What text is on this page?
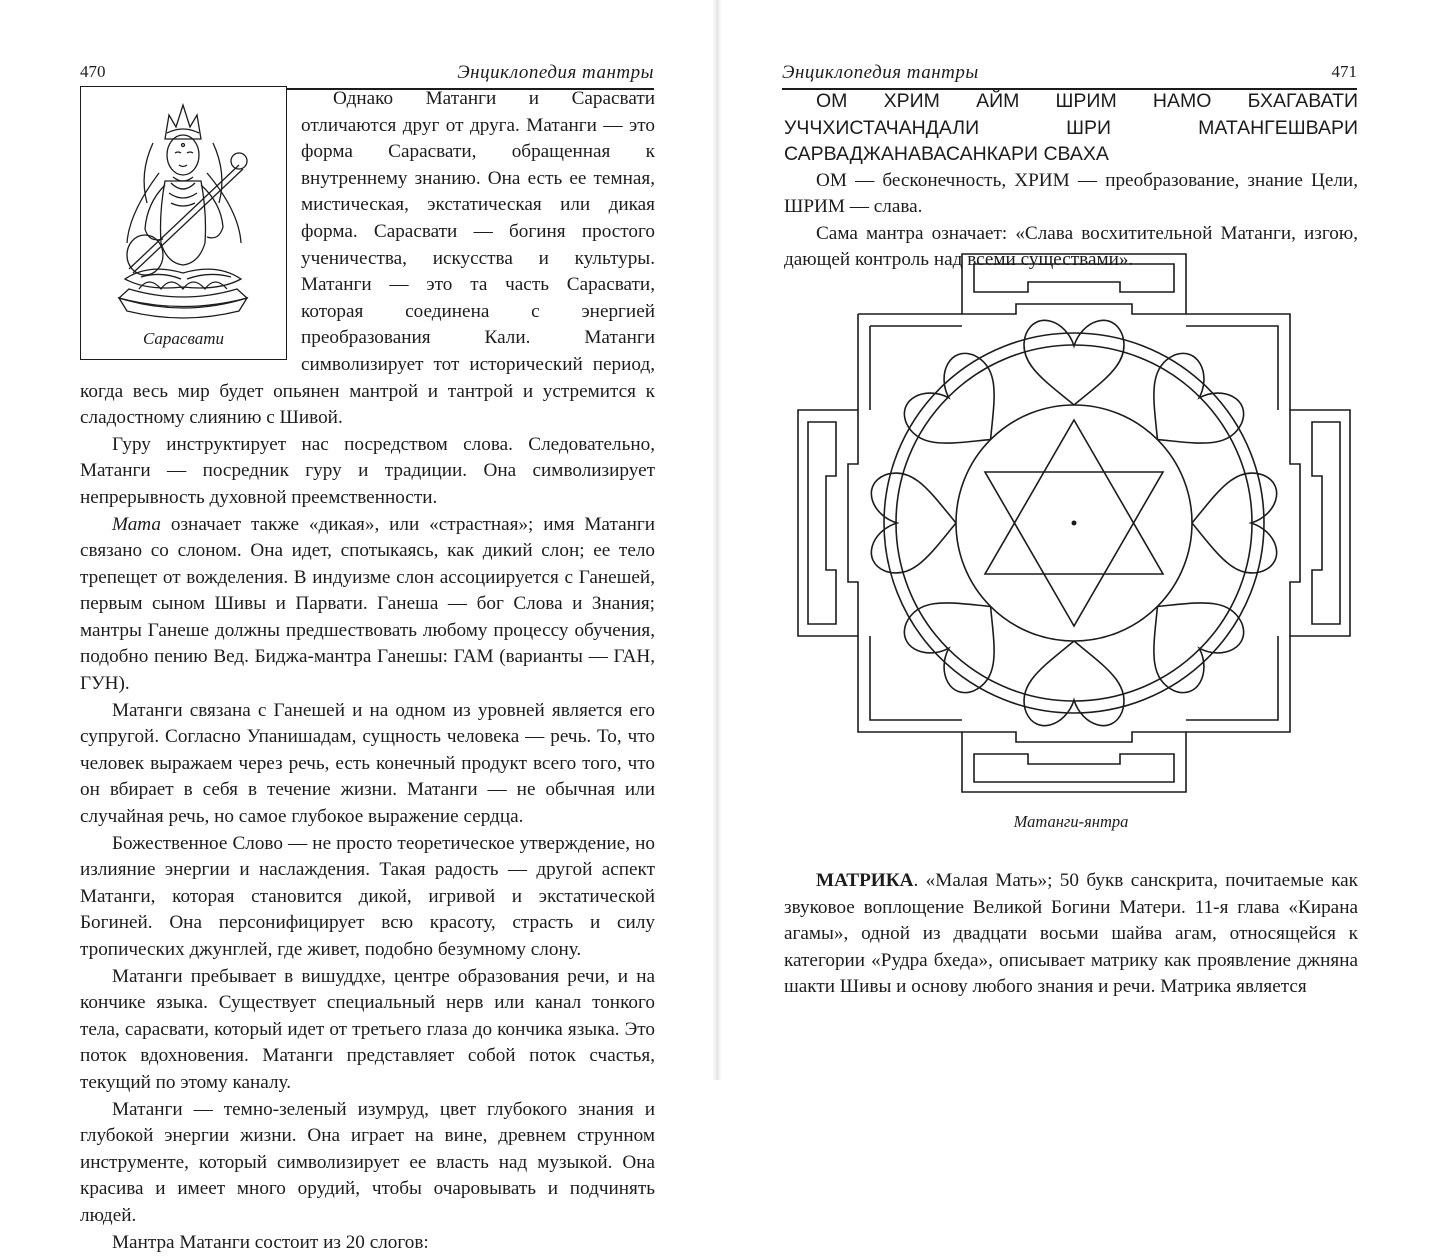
470	Энциклопедия тантры
Сарасвати

Однако Матанги и Сарасвати отличаются друг от друга. Матанги — это форма Сарасвати, обращенная к внутреннему знанию. Она есть ее темная, мистическая, экстатическая или дикая форма. Сарасвати — богиня простого ученичества, искусства и культуры. Матанги — это та часть Сарасвати, которая соединена с энергией преобразования Кали. Матанги символизирует тот исторический период, когда весь мир будет опьянен мантрой и тантрой и устремится к сладостному слиянию с Шивой.

Гуру инструктирует нас посредством слова. Следовательно, Матанги — посредник гуру и традиции. Она символизирует непрерывность духовной преемственности.

Мата означает также «дикая», или «страстная»; имя Матанги связано со слоном. Она идет, спотыкаясь, как дикий слон; ее тело трепещет от вожделения. В индуизме слон ассоциируется с Ганешей, первым сыном Шивы и Парвати. Ганеша — бог Слова и Знания; мантры Ганеше должны предшествовать любому процессу обучения, подобно пению Вед. Биджа-мантра Ганешы: ГАМ (варианты — ГАН, ГУН).

Матанги связана с Ганешей и на одном из уровней является его супругой. Согласно Упанишадам, сущность человека — речь. То, что человек выражаем через речь, есть конечный продукт всего того, что он вбирает в себя в течение жизни. Матанги — не обычная или случайная речь, но самое глубокое выражение сердца.

Божественное Слово — не просто теоретическое утверждение, но излияние энергии и наслаждения. Такая радость — другой аспект Матанги, которая становится дикой, игривой и экстатической Богиней. Она персонифицирует всю красоту, страсть и силу тропических джунглей, где живет, подобно безумному слону.

Матанги пребывает в вишуддхе, центре образования речи, и на кончике языка. Существует специальный нерв или канал тонкого тела, сарасвати, который идет от третьего глаза до кончика языка. Это поток вдохновения. Матанги представляет собой поток счастья, текущий по этому каналу.

Матанги — темно-зеленый изумруд, цвет глубокого знания и глубокой энергии жизни. Она играет на вине, древнем струнном инструменте, который символизирует ее власть над музыкой. Она красива и имеет много орудий, чтобы очаровывать и подчинять людей.

Мантра Матанги состоит из 20 слогов:

Энциклопедия тантры	471

ОМ ХРИМ АЙМ ШРИМ НАМО БХАГАВАТИ УЧЧХИСТАЧАНДАЛИ ШРИ МАТАНГЕШВАРИ САРВАДЖАНАВАСАНКАРИ СВАХА

ОМ — бесконечность, ХРИМ — преобразование, знание Цели, ШРИМ — слава.

Сама мантра означает: «Слава восхитительной Матанги, изгою, дающей контроль над всеми существами».

Матанги-янтра

МАТРИКА. «Малая Мать»; 50 букв санскрита, почитаемые как звуковое воплощение Великой Богини Матери. 11-я глава «Кирана агамы», одной из двадцати восьми шайва агам, относящейся к категории «Рудра бхеда», описывает матрику как проявление джняна шакти Шивы и основу любого знания и речи. Матрика является
